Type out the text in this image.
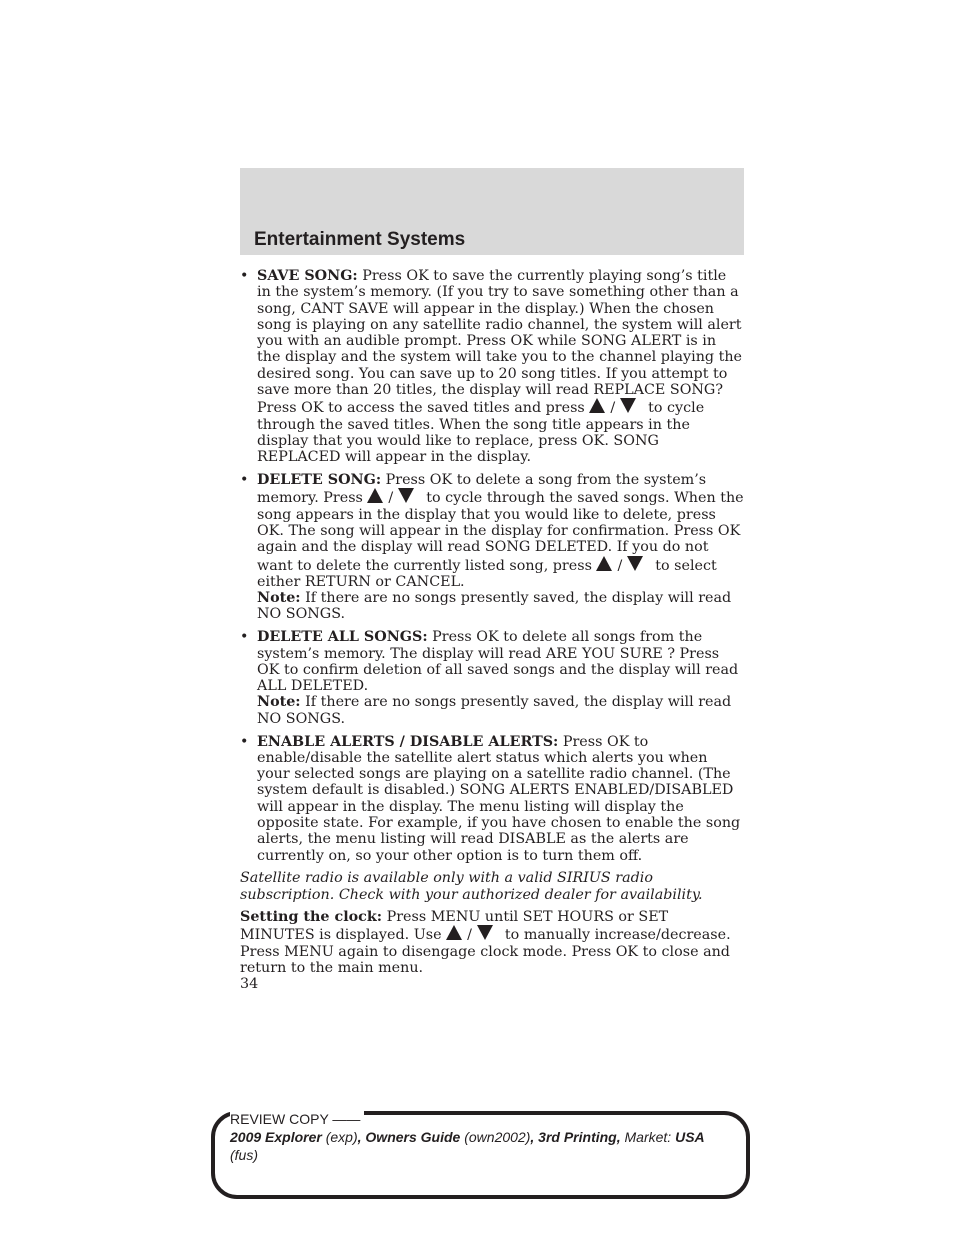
Entertainment Systems
• SAVE SONG: Press OK to save the currently playing song’s title in the system’s memory. (If you try to save something other than a song, CANT SAVE will appear in the display.) When the chosen song is playing on any satellite radio channel, the system will alert you with an audible prompt. Press OK while SONG ALERT is in the display and the system will take you to the channel playing the desired song. You can save up to 20 song titles. If you attempt to save more than 20 titles, the display will read REPLACE SONG? Press OK to access the saved titles and press / to cycle through the saved titles. When the song title appears in the display that you would like to replace, press OK. SONG REPLACED will appear in the display.

• DELETE SONG: Press OK to delete a song from the system’s memory. Press / to cycle through the saved songs. When the song appears in the display that you would like to delete, press OK. The song will appear in the display for confirmation. Press OK again and the display will read SONG DELETED. If you do not want to delete the currently listed song, press / to select either RETURN or CANCEL.

Note: If there are no songs presently saved, the display will read NO SONGS.

• DELETE ALL SONGS: Press OK to delete all songs from the system’s memory. The display will read ARE YOU SURE ? Press OK to confirm deletion of all saved songs and the display will read ALL DELETED.

Note: If there are no songs presently saved, the display will read NO SONGS.

• ENABLE ALERTS / DISABLE ALERTS: Press OK to enable/disable the satellite alert status which alerts you when your selected songs are playing on a satellite radio channel. (The system default is disabled.) SONG ALERTS ENABLED/DISABLED will appear in the display. The menu listing will display the opposite state. For example, if you have chosen to enable the song alerts, the menu listing will read DISABLE as the alerts are currently on, so your other option is to turn them off.

Satellite radio is available only with a valid SIRIUS radio subscription. Check with your authorized dealer for availability.

Setting the clock: Press MENU until SET HOURS or SET MINUTES is displayed. Use / to manually increase/decrease. Press MENU again to disengage clock mode. Press OK to close and return to the main menu.

34

REVIEW COPY ——
2009 Explorer (exp), Owners Guide (own2002), 3rd Printing, Market: USA
(fus)
